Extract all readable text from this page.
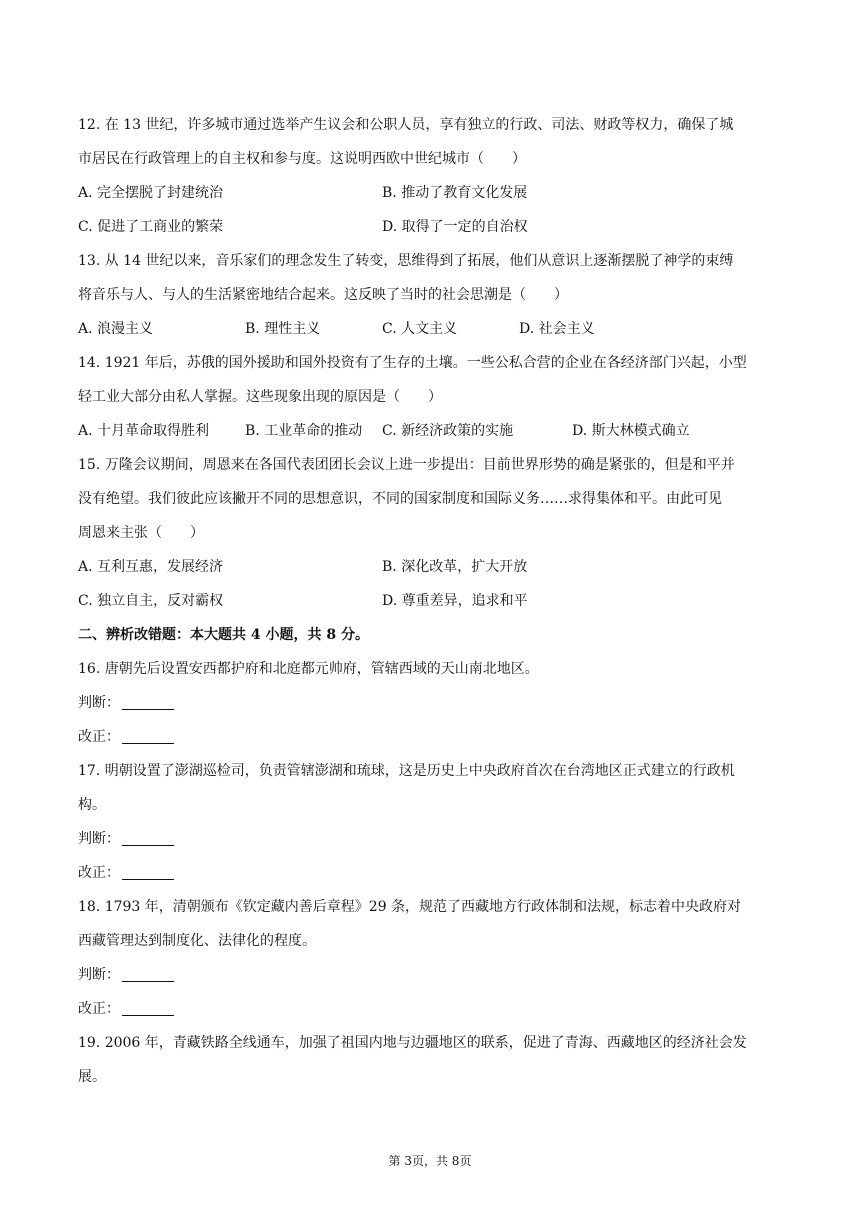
12. 在 13 世纪，许多城市通过选举产生议会和公职人员，享有独立的行政、司法、财政等权力，确保了城
市居民在行政管理上的自主权和参与度。这说明西欧中世纪城市（　　）
A. 完全摆脱了封建统治	B. 推动了教育文化发展
C. 促进了工商业的繁荣	D. 取得了一定的自治权
13. 从 14 世纪以来，音乐家们的理念发生了转变，思维得到了拓展，他们从意识上逐渐摆脱了神学的束缚
将音乐与人、与人的生活紧密地结合起来。这反映了当时的社会思潮是（　　）
A. 浪漫主义	B. 理性主义	C. 人文主义	D. 社会主义
14. 1921 年后，苏俄的国外援助和国外投资有了生存的土壤。一些公私合营的企业在各经济部门兴起，小型
轻工业大部分由私人掌握。这些现象出现的原因是（　　）
A. 十月革命取得胜利	B. 工业革命的推动	C. 新经济政策的实施	D. 斯大林模式确立
15. 万隆会议期间，周恩来在各国代表团团长会议上进一步提出：目前世界形势的确是紧张的，但是和平并
没有绝望。我们彼此应该撇开不同的思想意识，不同的国家制度和国际义务……求得集体和平。由此可见
周恩来主张（　　）
A. 互利互惠，发展经济	B. 深化改革，扩大开放
C. 独立自主，反对霸权	D. 尊重差异，追求和平
二、辨析改错题：本大题共 4 小题，共 8 分。
16. 唐朝先后设置安西都护府和北庭都元帅府，管辖西域的天山南北地区。
判断：
改正：
17. 明朝设置了澎湖巡检司，负责管辖澎湖和琉球，这是历史上中央政府首次在台湾地区正式建立的行政机
构。
判断：
改正：
18. 1793 年，清朝颁布《钦定藏内善后章程》29 条，规范了西藏地方行政体制和法规，标志着中央政府对
西藏管理达到制度化、法律化的程度。
判断：
改正：
19. 2006 年，青藏铁路全线通车，加强了祖国内地与边疆地区的联系，促进了青海、西藏地区的经济社会发
展。
第 3页，共 8页
